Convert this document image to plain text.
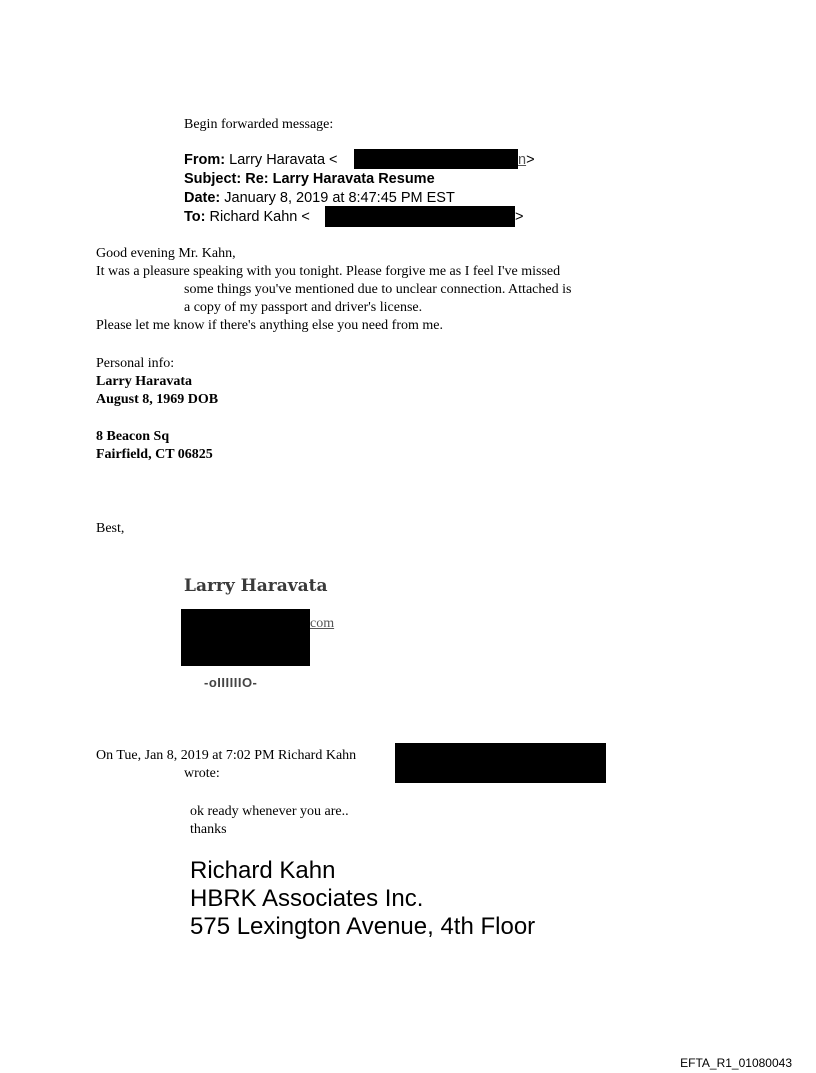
Begin forwarded message:
From: Larry Haravata <	n>
Subject: Re: Larry Haravata Resume
Date: January 8, 2019 at 8:47:45 PM EST
To: Richard Kahn <	>
Good evening Mr. Kahn,
It was a pleasure speaking with you tonight. Please forgive me as I feel I've missed
some things you've mentioned due to unclear connection. Attached is
a copy of my passport and driver's license.
Please let me know if there's anything else you need from me.
Personal info:
Larry Haravata
August 8, 1969 DOB
8 Beacon Sq
Fairfield, CT 06825
Best,
Larry Haravata
com
-oIIIIIIO-
On Tue, Jan 8, 2019 at 7:02 PM Richard Kahn
wrote:
ok ready whenever you are..
thanks
Richard Kahn
HBRK Associates Inc.
575 Lexington Avenue, 4th Floor
EFTA_R1_01080043
